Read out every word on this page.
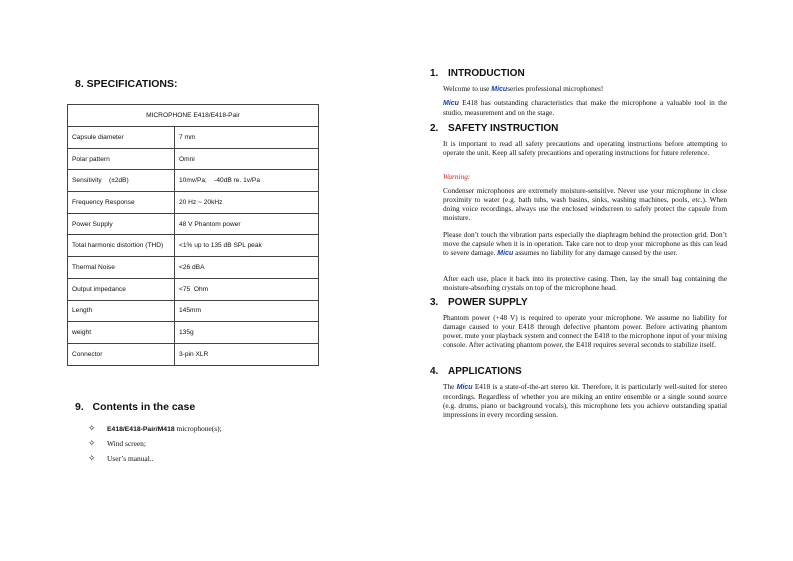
8. SPECIFICATIONS:
MICROPHONE E418/E418-Pair	
Capsule diameter	7 mm
Polar pattern	Omni
Sensitivity    (±2dB)	10mv/Pa;    -40dB re. 1v/Pa
Frequency Response	20 Hz ~ 20kHz
Power Supply	48 V Phantom power
Total harmonic distortion (THD)	<1% up to 135 dB SPL peak
Thermal Noise	<26 dBA
Output impedance	<75  Ohm
Length	145mm
weight	135g
Connector	3-pin XLR
9.   Contents in the case
✧ E418/E418-Pair/M418 microphone(s);
✧ Wind screen;
✧ User’s manual..
1. INTRODUCTION

Welcome to use Micuseries professional microphones!

Micu E418 has outstanding characteristics that make the microphone a valuable tool in the studio, measurement and on the stage.

2. SAFETY INSTRUCTION

It is important to read all safety precautions and operating instructions before attempting to operate the unit. Keep all safety precautions and operating instructions for future reference.

Warning:

Condenser microphones are extremely moisture-sensitive. Never use your microphone in close proximity to water (e.g. bath tubs, wash basins, sinks, washing machines, pools, etc.). When doing voice recordings, always use the enclosed windscreen to safely protect the capsule from moisture.

Please don’t touch the vibration parts especially the diaphragm behind the protection grid. Don’t move the capsule when it is in operation. Take care not to drop your microphone as this can lead to severe damage. Micu assumes no liability for any damage caused by the user.

After each use, place it back into its protective casing. Then, lay the small bag containing the moisture-absorbing crystals on top of the microphone head.

3. POWER SUPPLY

Phantom power (+48 V) is required to operate your microphone. We assume no liability for damage caused to your E418 through defective phantom power. Before activating phantom power, mute your playback system and connect the E418 to the microphone input of your mixing console. After activating phantom power, the E418 requires several seconds to stabilize itself.

4. APPLICATIONS

The Micu E418 is a state-of-the-art stereo kit. Therefore, it is particularly well-suited for stereo recordings. Regardless of whether you are miking an entire ensemble or a single sound source (e.g. drums, piano or background vocals), this microphone lets you achieve outstanding spatial impressions in every recording session.
